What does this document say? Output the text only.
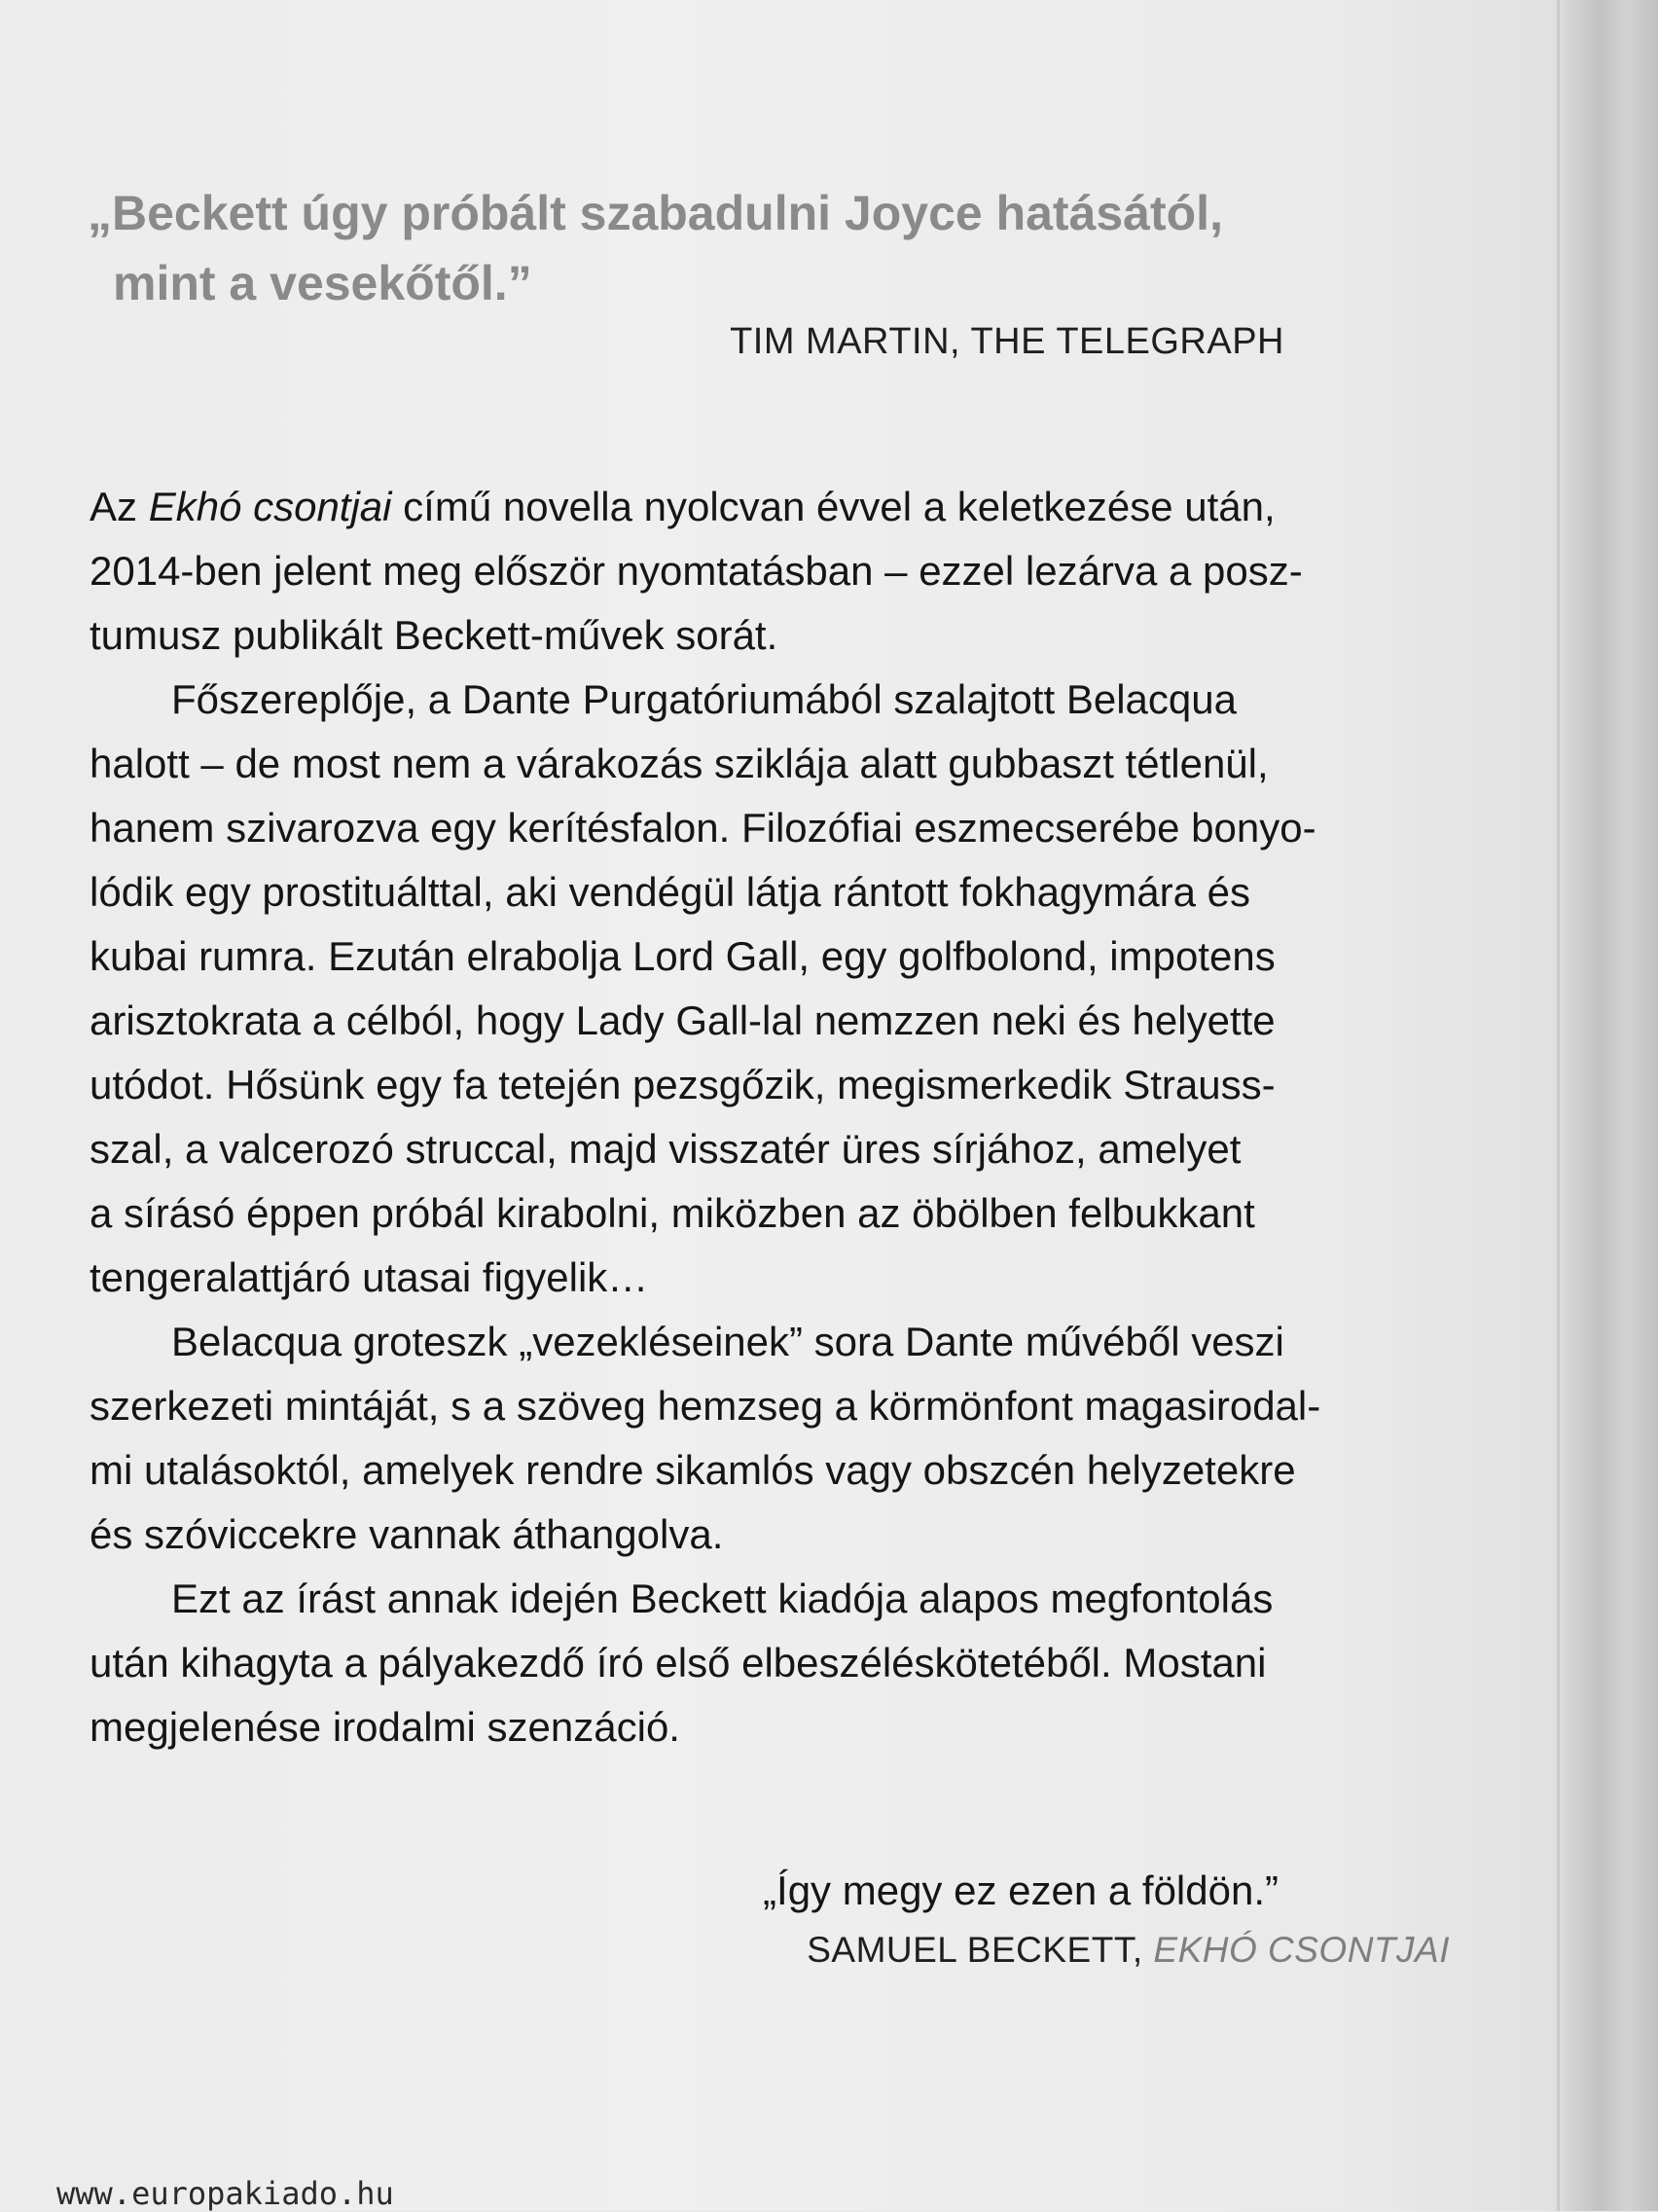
„Beckett úgy próbált szabadulni Joyce hatásától,
mint a vesekőtől.”
TIM MARTIN, THE TELEGRAPH
Az Ekhó csontjai című novella nyolcvan évvel a keletkezése után,
2014-ben jelent meg először nyomtatásban – ezzel lezárva a posz-
tumusz publikált Beckett-művek sorát.
Főszereplője, a Dante Purgatóriumából szalajtott Belacqua
halott – de most nem a várakozás sziklája alatt gubbaszt tétlenül,
hanem szivarozva egy kerítésfalon. Filozófiai eszmecserébe bonyo-
lódik egy prostituálttal, aki vendégül látja rántott fokhagymára és
kubai rumra. Ezután elrabolja Lord Gall, egy golfbolond, impotens
arisztokrata a célból, hogy Lady Gall-lal nemzzen neki és helyette
utódot. Hősünk egy fa tetején pezsgőzik, megismerkedik Strauss-
szal, a valcerozó struccal, majd visszatér üres sírjához, amelyet
a sírásó éppen próbál kirabolni, miközben az öbölben felbukkant
tengeralattjáró utasai figyelik…
Belacqua groteszk „vezekléseinek” sora Dante művéből veszi
szerkezeti mintáját, s a szöveg hemzseg a körmönfont magasirodal-
mi utalásoktól, amelyek rendre sikamlós vagy obszcén helyzetekre
és szóviccekre vannak áthangolva.
Ezt az írást annak idején Beckett kiadója alapos megfontolás
után kihagyta a pályakezdő író első elbeszéléskötetéből. Mostani
megjelenése irodalmi szenzáció.
„Így megy ez ezen a földön.”
SAMUEL BECKETT, EKHÓ CSONTJAI
www.europakiado.hu
